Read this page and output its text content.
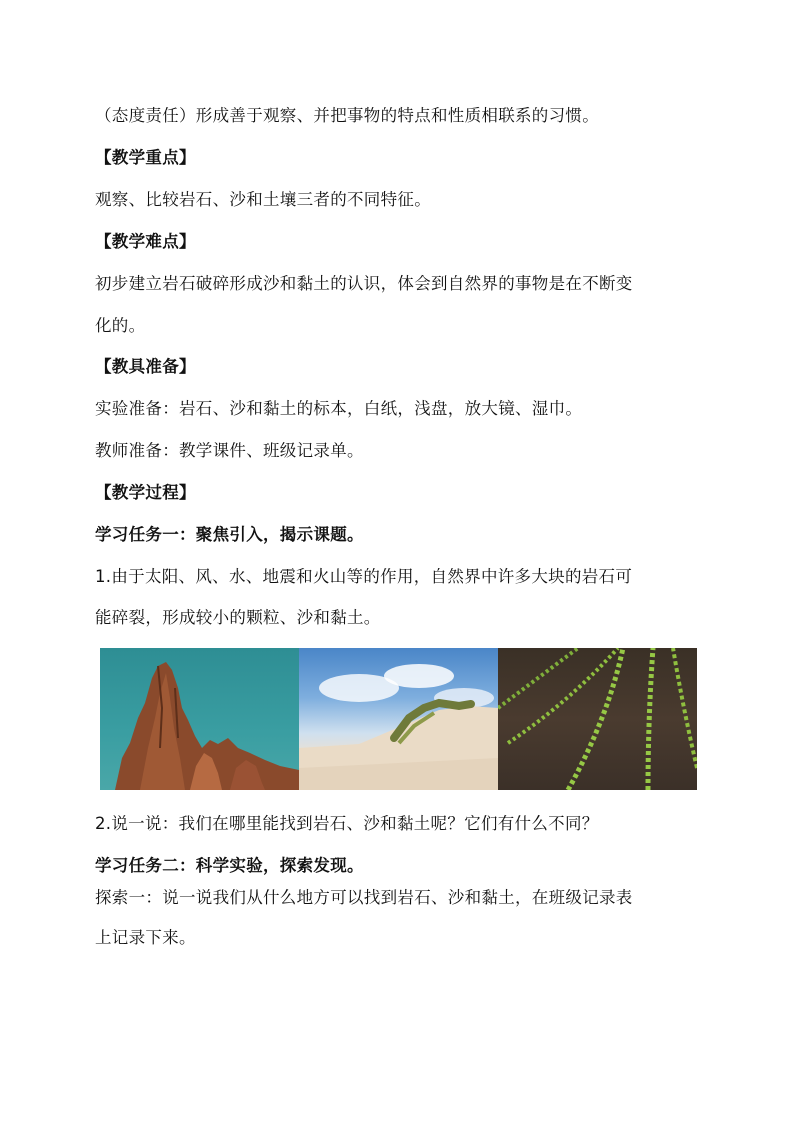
（态度责任）形成善于观察、并把事物的特点和性质相联系的习惯。
【教学重点】
观察、比较岩石、沙和土壤三者的不同特征。
【教学难点】
初步建立岩石破碎形成沙和黏土的认识，体会到自然界的事物是在不断变
化的。
【教具准备】
实验准备：岩石、沙和黏土的标本，白纸，浅盘，放大镜、湿巾。
教师准备：教学课件、班级记录单。
【教学过程】
学习任务一：聚焦引入，揭示课题。
1.由于太阳、风、水、地震和火山等的作用，自然界中许多大块的岩石可
能碎裂，形成较小的颗粒、沙和黏土。
2.说一说：我们在哪里能找到岩石、沙和黏土呢？它们有什么不同？
学习任务二：科学实验，探索发现。
探索一：说一说我们从什么地方可以找到岩石、沙和黏土，在班级记录表
上记录下来。
